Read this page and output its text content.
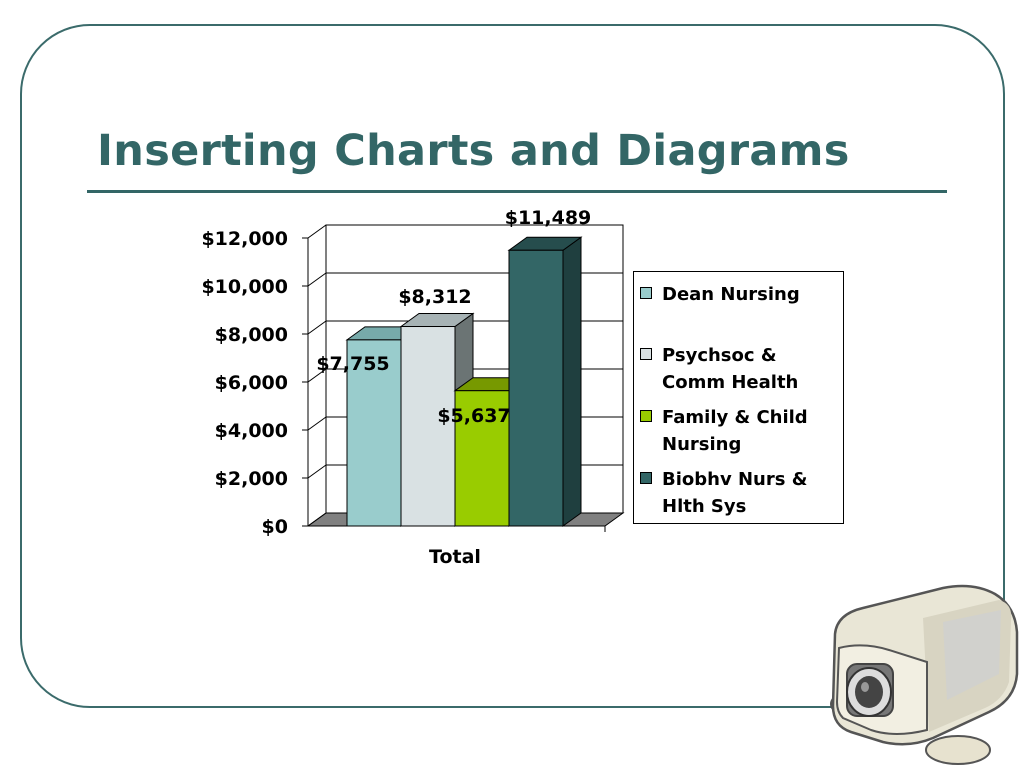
Inserting Charts and Diagrams
$0
$2,000
$4,000
$6,000
$8,000
$10,000
$12,000
$7,755
$8,312
$5,637
$11,489
Total
Dean Nursing
Psychsoc & Comm Health
Family & Child Nursing
Biobhv Nurs & Hlth Sys
